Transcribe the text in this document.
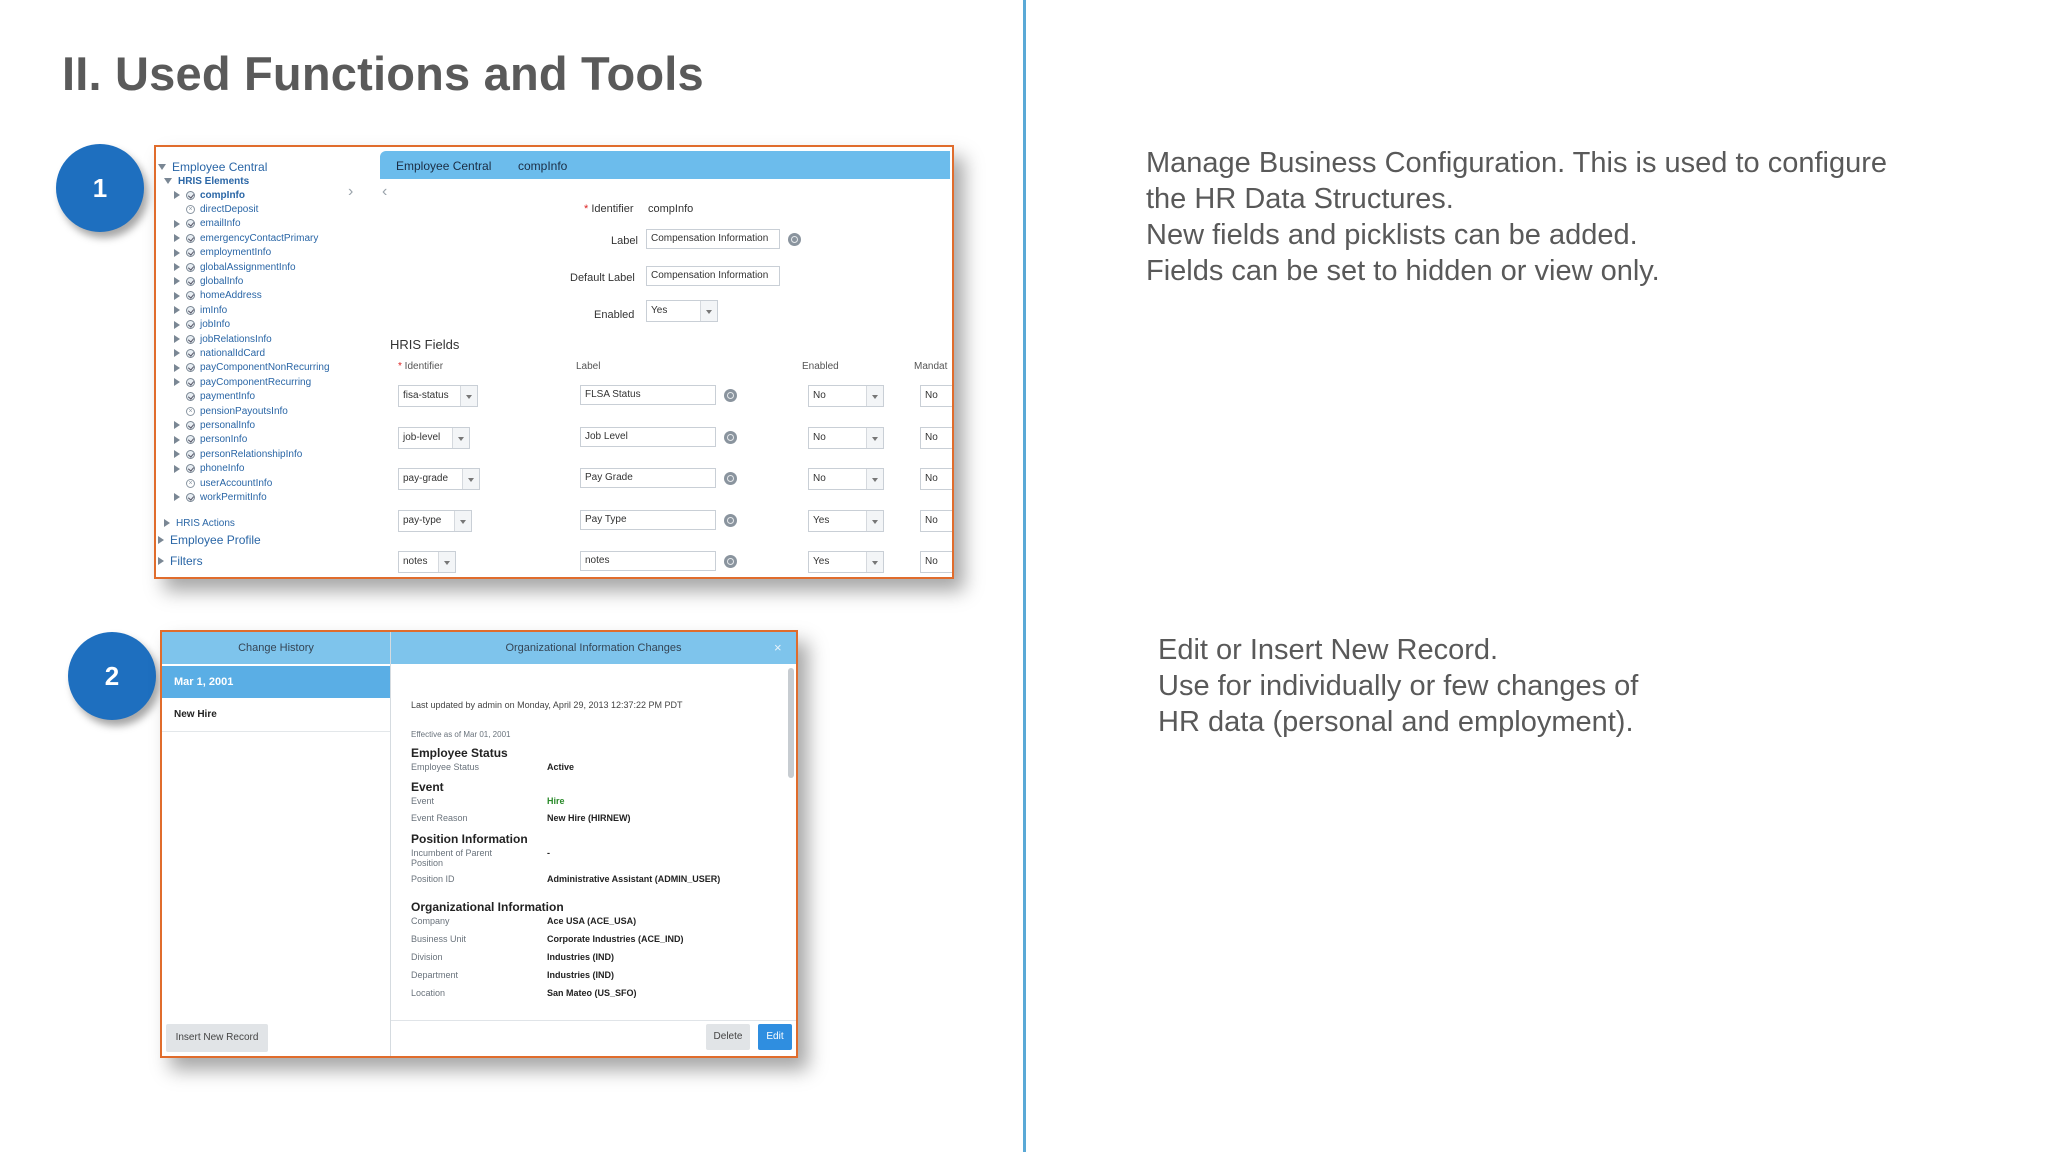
II. Used Functions and Tools
1
2
Manage Business Configuration. This is used to configure
the HR Data Structures.
New fields and picklists can be added.
Fields can be set to hidden or view only.
Edit or Insert New Record.
Use for individually or few changes of
HR data (personal and employment).
Employee Central
HRIS Elements
compInfo
× directDeposit
emailInfo
emergencyContactPrimary
employmentInfo
globalAssignmentInfo
globalInfo
homeAddress
imInfo
jobInfo
jobRelationsInfo
nationalIdCard
payComponentNonRecurring
payComponentRecurring
paymentInfo
× pensionPayoutsInfo
personalInfo
personInfo
personRelationshipInfo
phoneInfo
× userAccountInfo
workPermitInfo
HRIS Actions
Employee Profile
Filters
› ‹
Employee Central compInfo
* Identifier compInfo
Label	Compensation Information
Default Label	Compensation Information
Enabled	Yes
HRIS Fields
* Identifier	Label	Enabled	Mandat
fisa-status	FLSA Status	No	No
job-level	Job Level	No	No
pay-grade	Pay Grade	No	No
pay-type	Pay Type	Yes	No
notes	notes	Yes	No
Change History
Mar 1, 2001
New Hire
Insert New Record
Organizational Information Changes	×
Last updated by admin on Monday, April 29, 2013 12:37:22 PM PDT
Effective as of Mar 01, 2001
Employee Status
Employee Status	Active
Event
Event	Hire
Event Reason	New Hire (HIRNEW)
Position Information
Incumbent of Parent
Position
-
Position ID	Administrative Assistant (ADMIN_USER)
Organizational Information
Company	Ace USA (ACE_USA)
Business Unit	Corporate Industries (ACE_IND)
Division	Industries (IND)
Department	Industries (IND)
Location	San Mateo (US_SFO)
Delete	Edit
